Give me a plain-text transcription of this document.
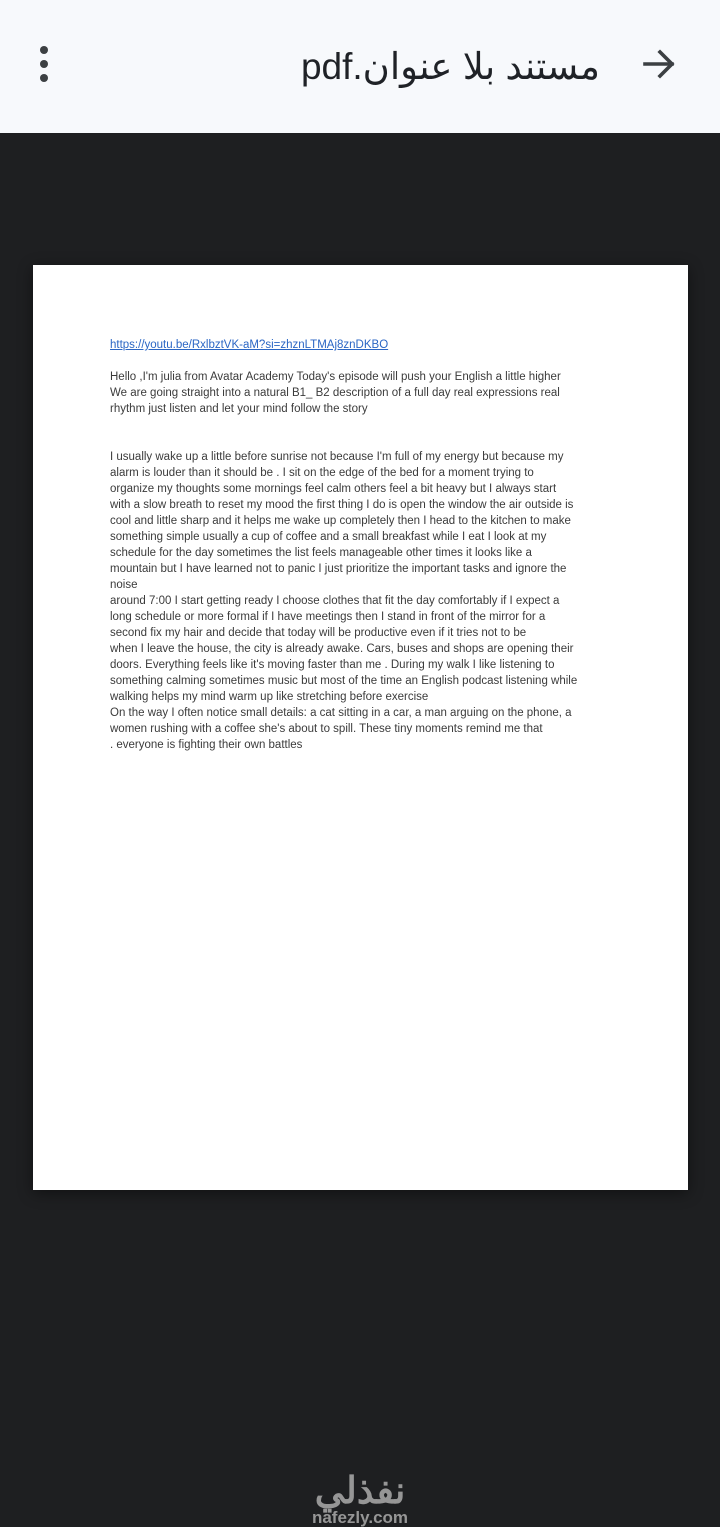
مستند بلا عنوان.pdf
https://youtu.be/RxlbztVK-aM?si=zhznLTMAj8znDKBO
Hello ,I'm julia from Avatar Academy Today's episode will push your English a little higher
We are going straight into a natural B1_ B2 description of a full day real expressions real
rhythm just listen and let your mind follow the story
I usually wake up a little before sunrise not because I'm full of my energy but because my
alarm is louder than it should be . I sit on the edge of the bed for a moment trying to
organize my thoughts some mornings feel calm others feel a bit heavy but I always start
with a slow breath to reset my mood the first thing I do is open the window the air outside is
cool and little sharp and it helps me wake up completely then I head to the kitchen to make
something simple usually a cup of coffee and a small breakfast while I eat I look at my
schedule for the day sometimes the list feels manageable other times it looks like a
mountain but I have learned not to panic I just prioritize the important tasks and ignore the
noise
around 7:00 I start getting ready I choose clothes that fit the day comfortably if I expect a
long schedule or more formal if I have meetings then I stand in front of the mirror for a
second fix my hair and decide that today will be productive even if it tries not to be
when I leave the house, the city is already awake. Cars, buses and shops are opening their
doors. Everything feels like it's moving faster than me . During my walk I like listening to
something calming sometimes music but most of the time an English podcast listening while
walking helps my mind warm up like stretching before exercise
On the way I often notice small details: a cat sitting in a car, a man arguing on the phone, a
women rushing with a coffee she's about to spill. These tiny moments remind me that
. everyone is fighting their own battles
نفذلي
nafezly.com
